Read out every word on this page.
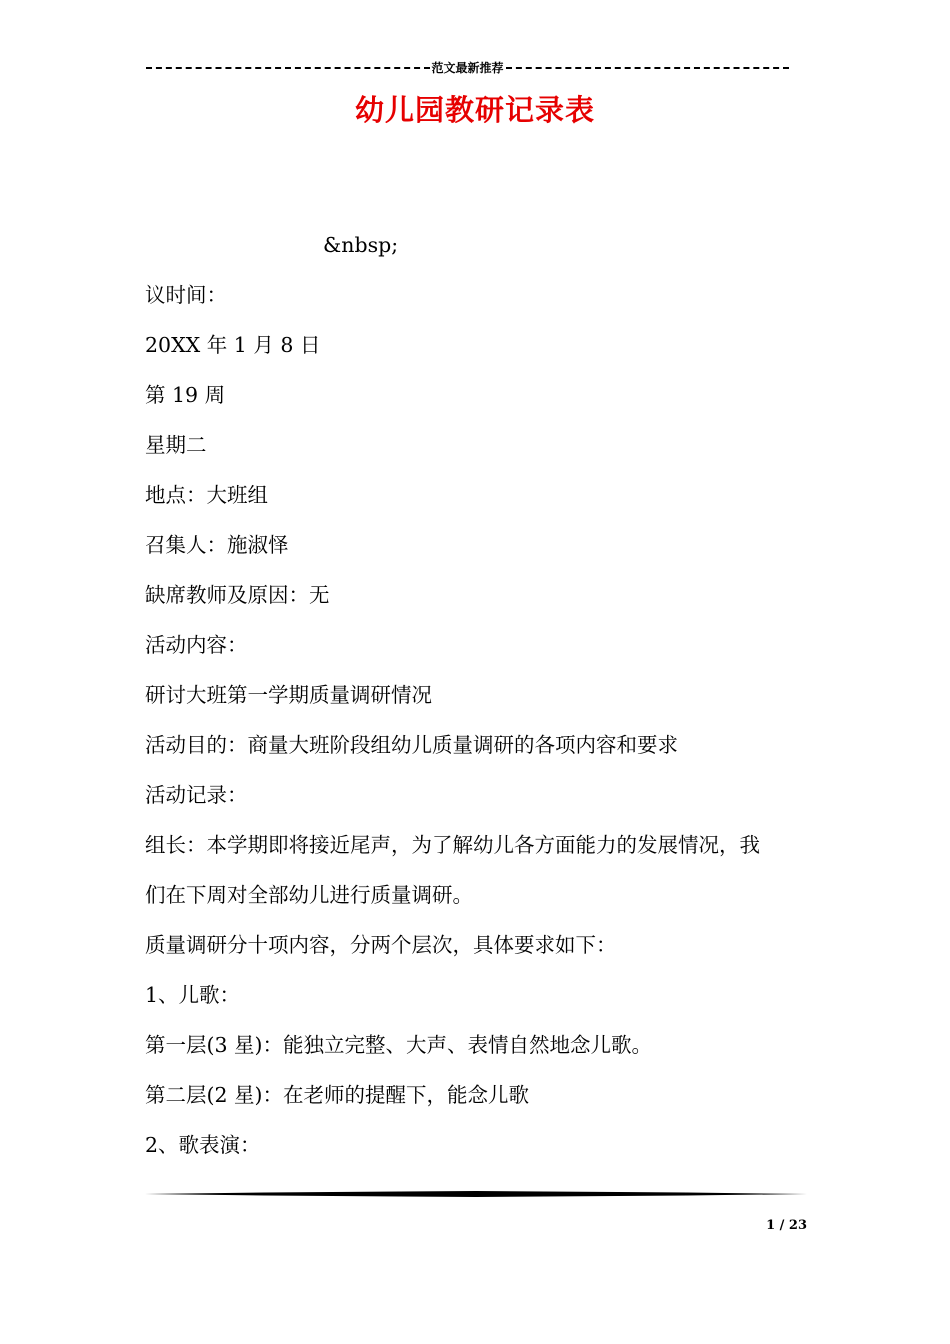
范文最新推荐
幼儿园教研记录表

&nbsp;

议时间：

20XX 年 1 月 8 日

第 19 周

星期二

地点：大班组

召集人：施淑怿

缺席教师及原因：无

活动内容：

研讨大班第一学期质量调研情况

活动目的：商量大班阶段组幼儿质量调研的各项内容和要求

活动记录：

组长：本学期即将接近尾声，为了解幼儿各方面能力的发展情况，我

们在下周对全部幼儿进行质量调研。

质量调研分十项内容，分两个层次，具体要求如下：

1、儿歌：

第一层(3 星)：能独立完整、大声、表情自然地念儿歌。

第二层(2 星)：在老师的提醒下，能念儿歌

2、歌表演：

1 / 23
